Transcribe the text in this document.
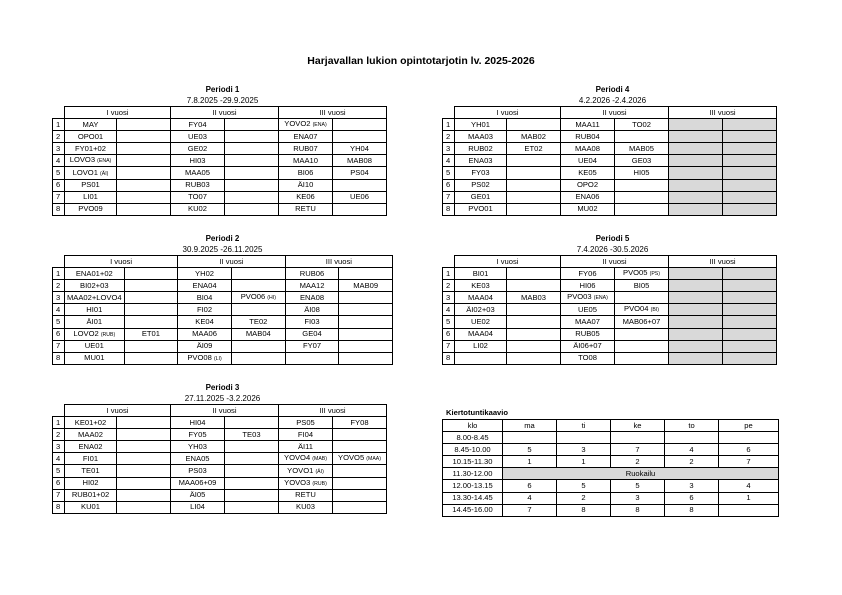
Harjavallan lukion opintotarjotin lv. 2025-2026
Periodi 1
7.8.2025 -29.9.2025
	I vuosi		II vuosi		III vuosi	
1	MAY		FY04		YOVO2 (ENA)	
2	OPO01		UE03		ENA07	
3	FY01+02		GE02		RUB07	YH04
4	LOVO3 (ENA)		HI03		MAA10	MAB08
5	LOVO1 (ÄI)		MAA05		BI06	PS04
6	PS01		RUB03		ÄI10	
7	LI01		TO07		KE06	UE06
8	PVO09		KU02		RETU	
Periodi 2
30.9.2025 -26.11.2025
	I vuosi		II vuosi		III vuosi	
1	ENA01+02		YH02		RUB06	
2	BI02+03		ENA04		MAA12	MAB09
3	MAA02+LOVO4		BI04	PVO06 (HI)	ENA08	
4	HI01		FI02		ÄI08	
5	ÄI01		KE04	TE02	FI03	
6	LOVO2 (RUB)	ET01	MAA06	MAB04	GE04	
7	UE01		ÄI09		FY07	
8	MU01		PVO08 (LI)			
Periodi 3
27.11.2025 -3.2.2026
	I vuosi		II vuosi		III vuosi	
1	KE01+02		HI04		PS05	FY08
2	MAA02		FY05	TE03	FI04	
3	ENA02		YH03		ÄI11	
4	FI01		ENA05		YOVO4 (MAB)	YOVO5 (MAA)
5	TE01		PS03		YOVO1 (ÄI)	
6	HI02		MAA06+09		YOVO3 (RUB)	
7	RUB01+02		ÄI05		RETU	
8	KU01		LI04		KU03	
Periodi 4
4.2.2026 -2.4.2026
	I vuosi		II vuosi		III vuosi	
1	YH01		MAA11	TO02		
2	MAA03	MAB02	RUB04			
3	RUB02	ET02	MAA08	MAB05		
4	ENA03		UE04	GE03		
5	FY03		KE05	HI05		
6	PS02		OPO2			
7	GE01		ENA06			
8	PVO01		MU02			
Periodi 5
7.4.2026 -30.5.2026
	I vuosi		II vuosi		III vuosi	
1	BI01		FY06	PVO05 (PS)		
2	KE03		HI06	BI05		
3	MAA04	MAB03	PVO03 (ENA)			
4	ÄI02+03		UE05	PVO04 (BI)		
5	UE02		MAA07	MAB06+07		
6	MAA04		RUB05			
7	LI02		ÄI06+07			
8			TO08			
Kiertotuntikaavio
klo	ma	ti	ke	to	pe
8.00-8.45					
8.45-10.00	5	3	7	4	6
10.15-11.30	1	1	2	2	7
11.30-12.00	Ruokailu				
12.00-13.15	6	5	5	3	4
13.30-14.45	4	2	3	6	1
14.45-16.00	7	8	8	8	
